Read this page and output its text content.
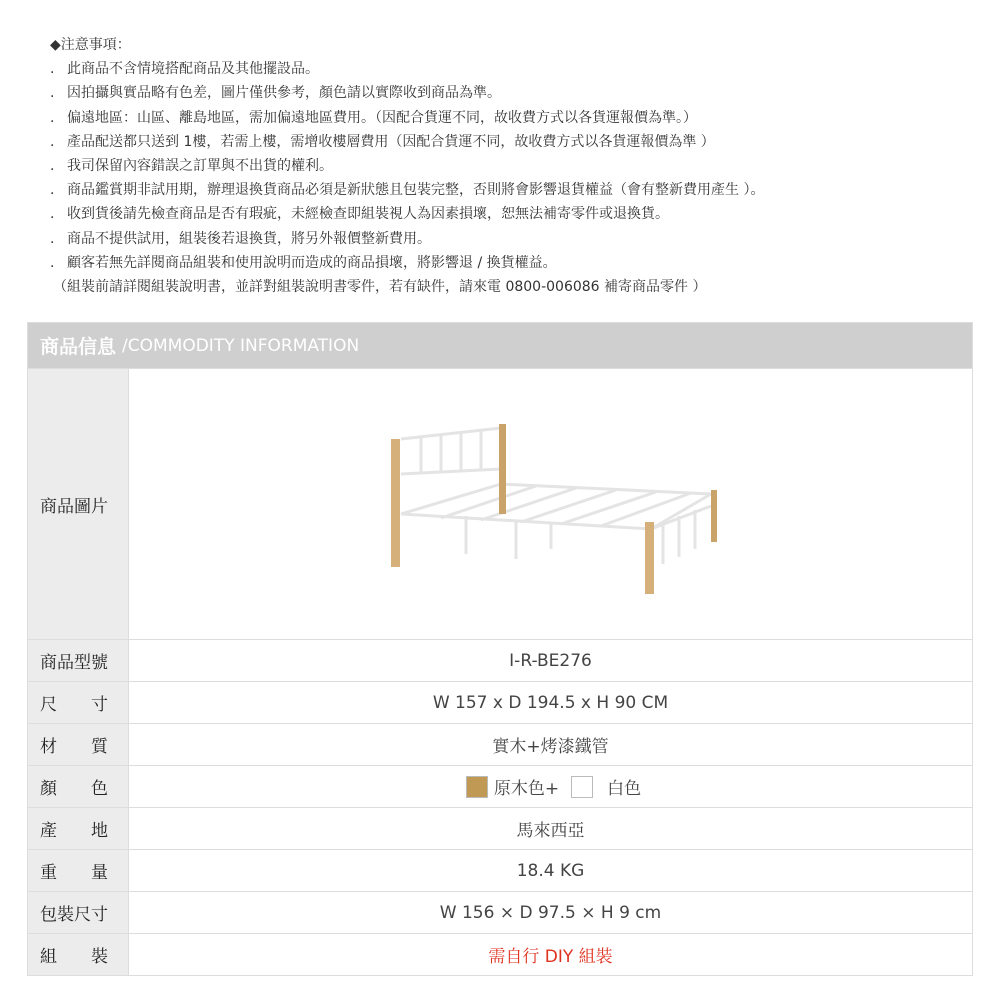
◆注意事項：
. 此商品不含情境搭配商品及其他擺設品。
. 因拍攝與實品略有色差，圖片僅供參考，顏色請以實際收到商品為準。
. 偏遠地區：山區、離島地區，需加偏遠地區費用。（因配合貨運不同，故收費方式以各貨運報價為準。）
. 產品配送都只送到 1樓，若需上樓，需增收樓層費用（因配合貨運不同，故收費方式以各貨運報價為準 ）
. 我司保留內容錯誤之訂單與不出貨的權利。
. 商品鑑賞期非試用期，辦理退換貨商品必須是新狀態且包裝完整，否則將會影響退貨權益（會有整新費用產生 ）。
. 收到貨後請先檢查商品是否有瑕疵，未經檢查即組裝視人為因素損壞，恕無法補寄零件或退換貨。
. 商品不提供試用，組裝後若退換貨，將另外報價整新費用。
. 顧客若無先詳閱商品組裝和使用說明而造成的商品損壞，將影響退 / 換貨權益。
（組裝前請詳閱組裝說明書，並詳對組裝說明書零件，若有缺件，請來電 0800-006086 補寄商品零件 ）
商品信息 /COMMODITY INFORMATION
商品圖片
商品型號	I-R-BE276
尺　　寸	W 157 x D 194.5 x H 90 CM
材　　質	實木+烤漆鐵管
顏　　色	原木色+	白色
產　　地	馬來西亞
重　　量	18.4 KG
包裝尺寸	W 156 × D 97.5 × H 9 cm
組　　裝	需自行 DIY 組裝
